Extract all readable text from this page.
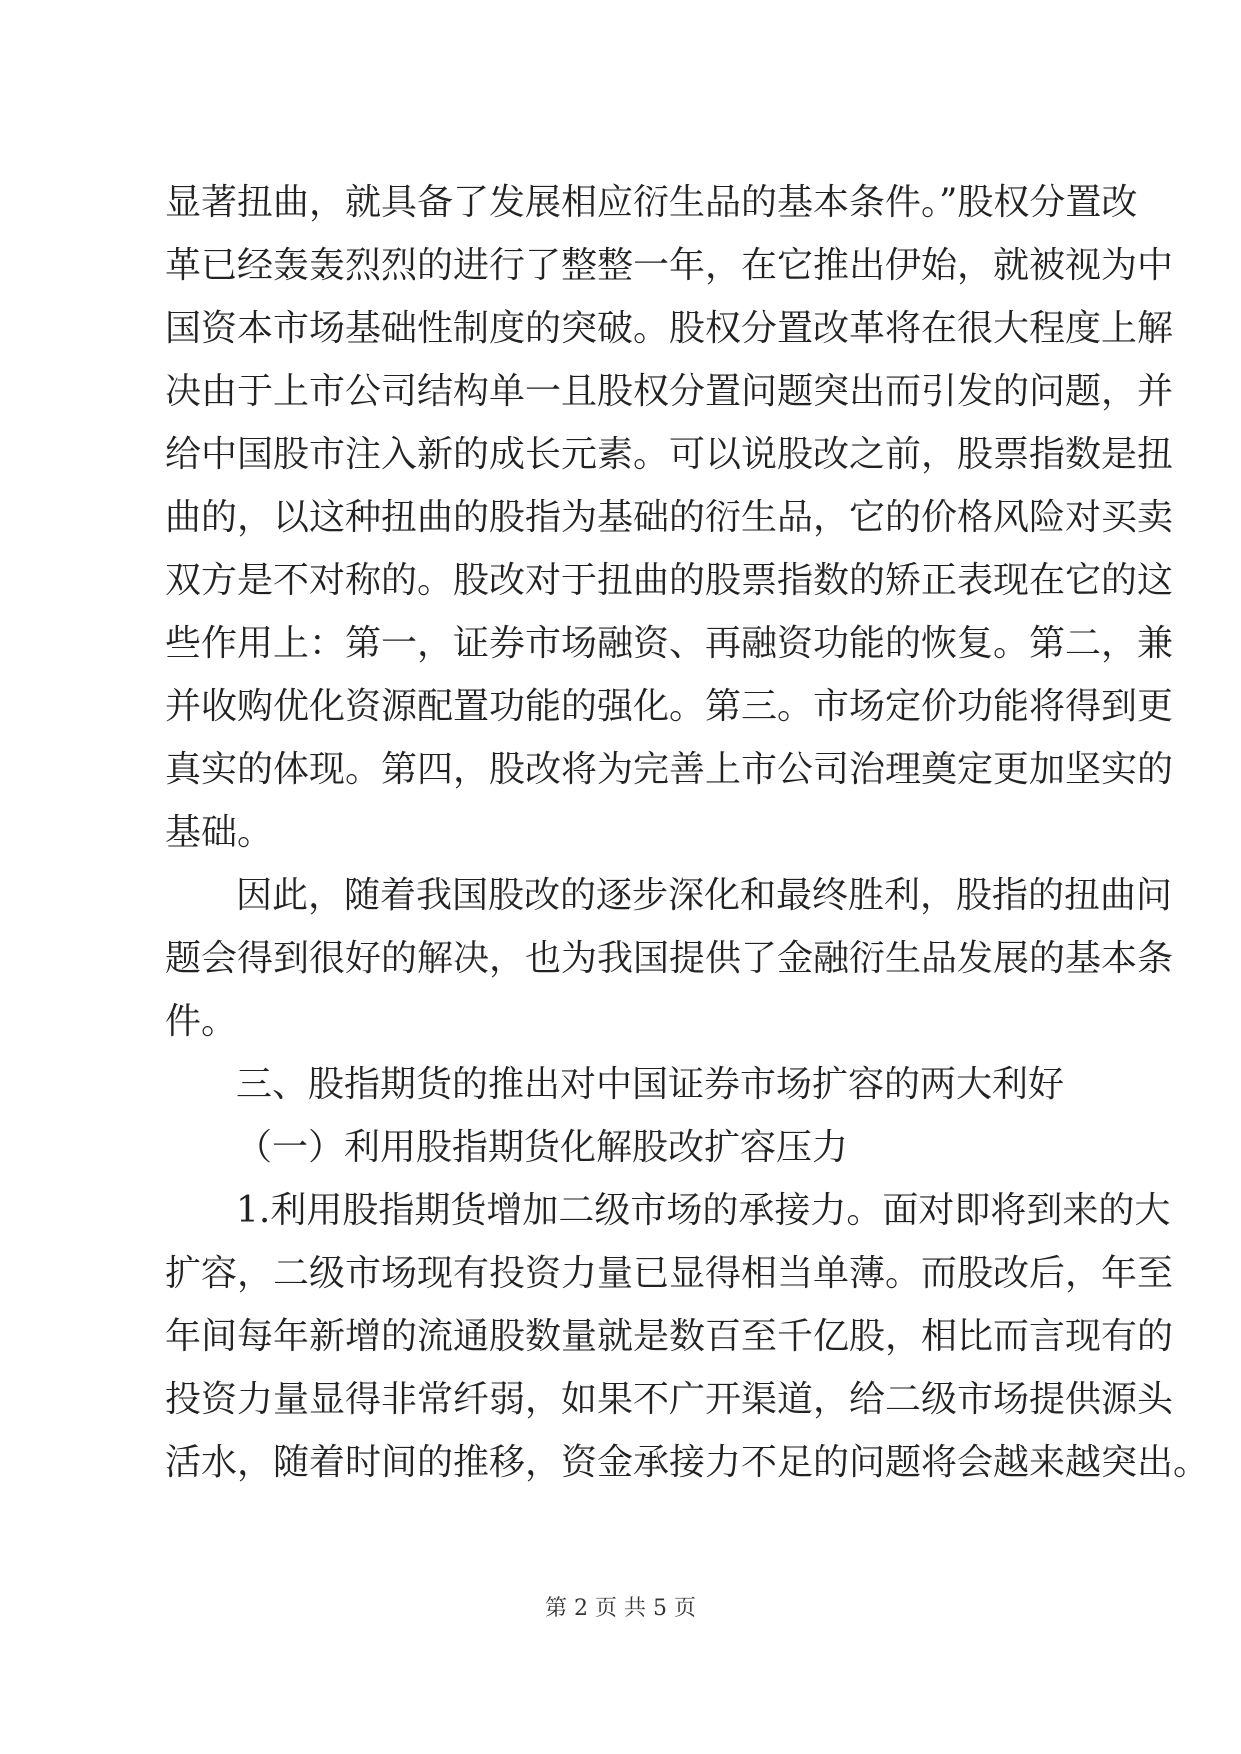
显著扭曲，就具备了发展相应衍生品的基本条件。”股权分置改

革已经轰轰烈烈的进行了整整一年，在它推出伊始，就被视为中

国资本市场基础性制度的突破。股权分置改革将在很大程度上解

决由于上市公司结构单一且股权分置问题突出而引发的问题，并

给中国股市注入新的成长元素。可以说股改之前，股票指数是扭

曲的，以这种扭曲的股指为基础的衍生品，它的价格风险对买卖

双方是不对称的。股改对于扭曲的股票指数的矫正表现在它的这

些作用上：第一，证券市场融资、再融资功能的恢复。第二，兼

并收购优化资源配置功能的强化。第三。市场定价功能将得到更

真实的体现。第四，股改将为完善上市公司治理奠定更加坚实的

基础。

因此，随着我国股改的逐步深化和最终胜利，股指的扭曲问

题会得到很好的解决，也为我国提供了金融衍生品发展的基本条

件。

三、股指期货的推出对中国证券市场扩容的两大利好

（一）利用股指期货化解股改扩容压力

1.利用股指期货增加二级市场的承接力。面对即将到来的大

扩容，二级市场现有投资力量已显得相当单薄。而股改后，年至

年间每年新增的流通股数量就是数百至千亿股，相比而言现有的

投资力量显得非常纤弱，如果不广开渠道，给二级市场提供源头

活水，随着时间的推移，资金承接力不足的问题将会越来越突出。

第 2 页 共 5 页
